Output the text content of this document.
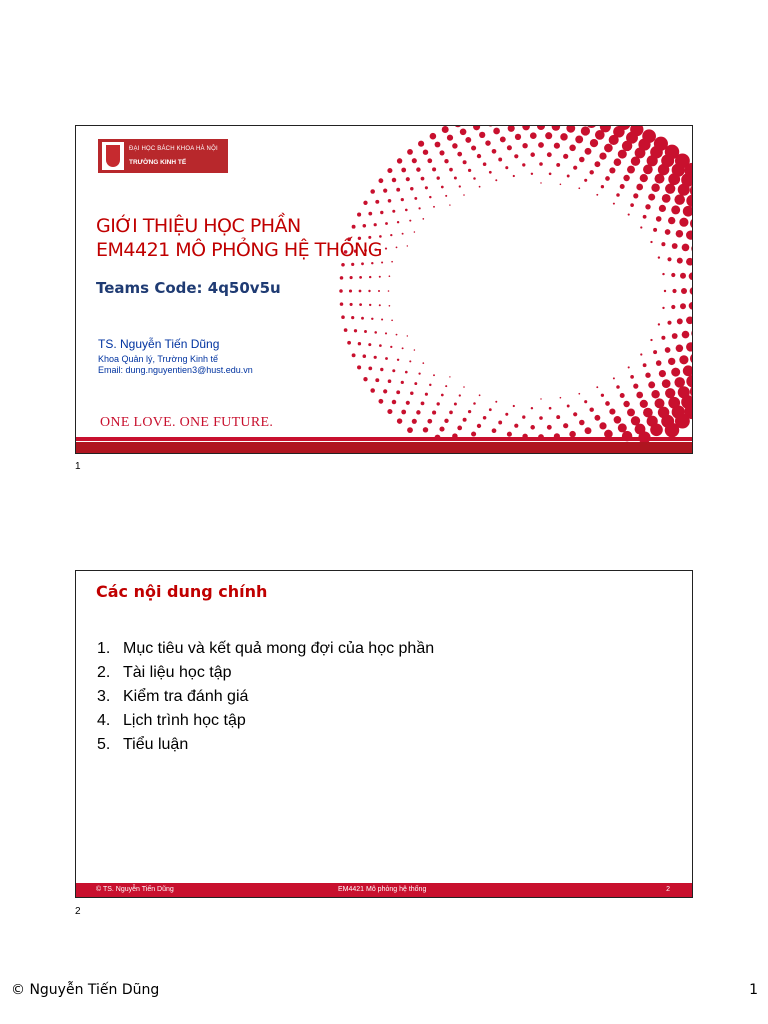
ĐẠI HỌC BÁCH KHOA HÀ NỘI
TRƯỜNG KINH TẾ
GIỚI THIỆU HỌC PHẦN
EM4421 MÔ PHỎNG HỆ THỐNG
Teams Code: 4q50v5u
TS. Nguyễn Tiến Dũng
Khoa Quản lý, Trường Kinh tế
Email: dung.nguyentien3@hust.edu.vn
ONE LOVE. ONE FUTURE.
1
Các nội dung chính
1. Mục tiêu và kết quả mong đợi của học phần
2. Tài liệu học tập
3. Kiểm tra đánh giá
4. Lịch trình học tập
5. Tiểu luận
© TS. Nguyễn Tiến Dũng	EM4421 Mô phỏng hệ thống	2
2
© Nguyễn Tiến Dũng	1
